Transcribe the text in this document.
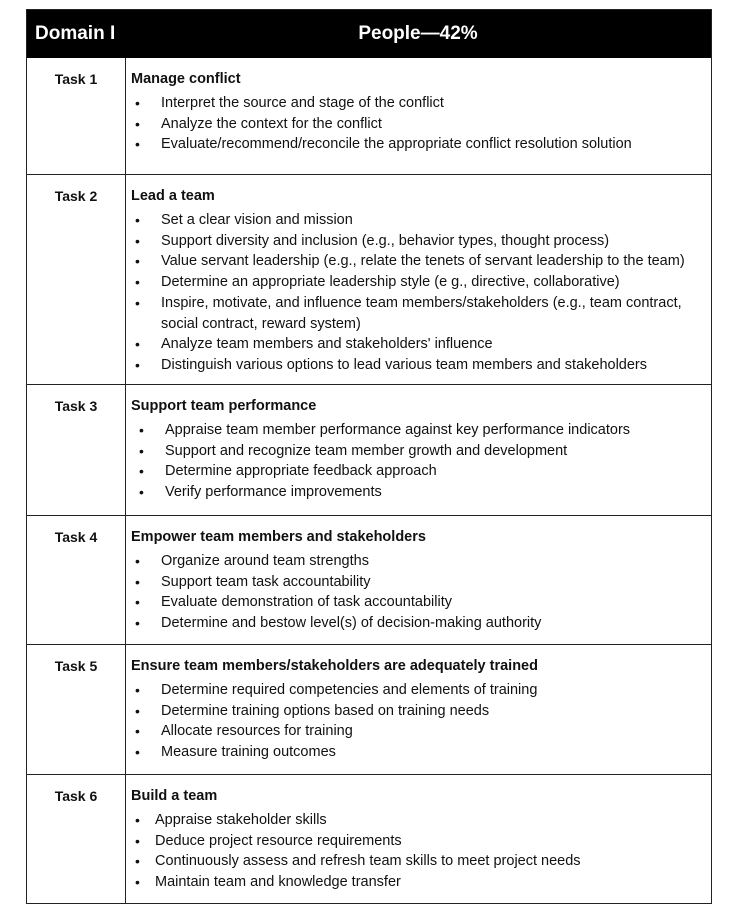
Domain I	People—42%
Task 1	Manage conflict
• Interpret the source and stage of the conflict
• Analyze the context for the conflict
• Evaluate/recommend/reconcile the appropriate conflict resolution solution
Task 2	Lead a team
• Set a clear vision and mission
• Support diversity and inclusion (e.g., behavior types, thought process)
• Value servant leadership (e.g., relate the tenets of servant leadership to the team)
• Determine an appropriate leadership style (e g., directive, collaborative)
• Inspire, motivate, and influence team members/stakeholders (e.g., team contract, social contract, reward system)
• Analyze team members and stakeholders' influence
• Distinguish various options to lead various team members and stakeholders
Task 3	Support team performance
• Appraise team member performance against key performance indicators
• Support and recognize team member growth and development
• Determine appropriate feedback approach
• Verify performance improvements
Task 4	Empower team members and stakeholders
• Organize around team strengths
• Support team task accountability
• Evaluate demonstration of task accountability
• Determine and bestow level(s) of decision-making authority
Task 5	Ensure team members/stakeholders are adequately trained
• Determine required competencies and elements of training
• Determine training options based on training needs
• Allocate resources for training
• Measure training outcomes
Task 6	Build a team
• Appraise stakeholder skills
• Deduce project resource requirements
• Continuously assess and refresh team skills to meet project needs
• Maintain team and knowledge transfer
